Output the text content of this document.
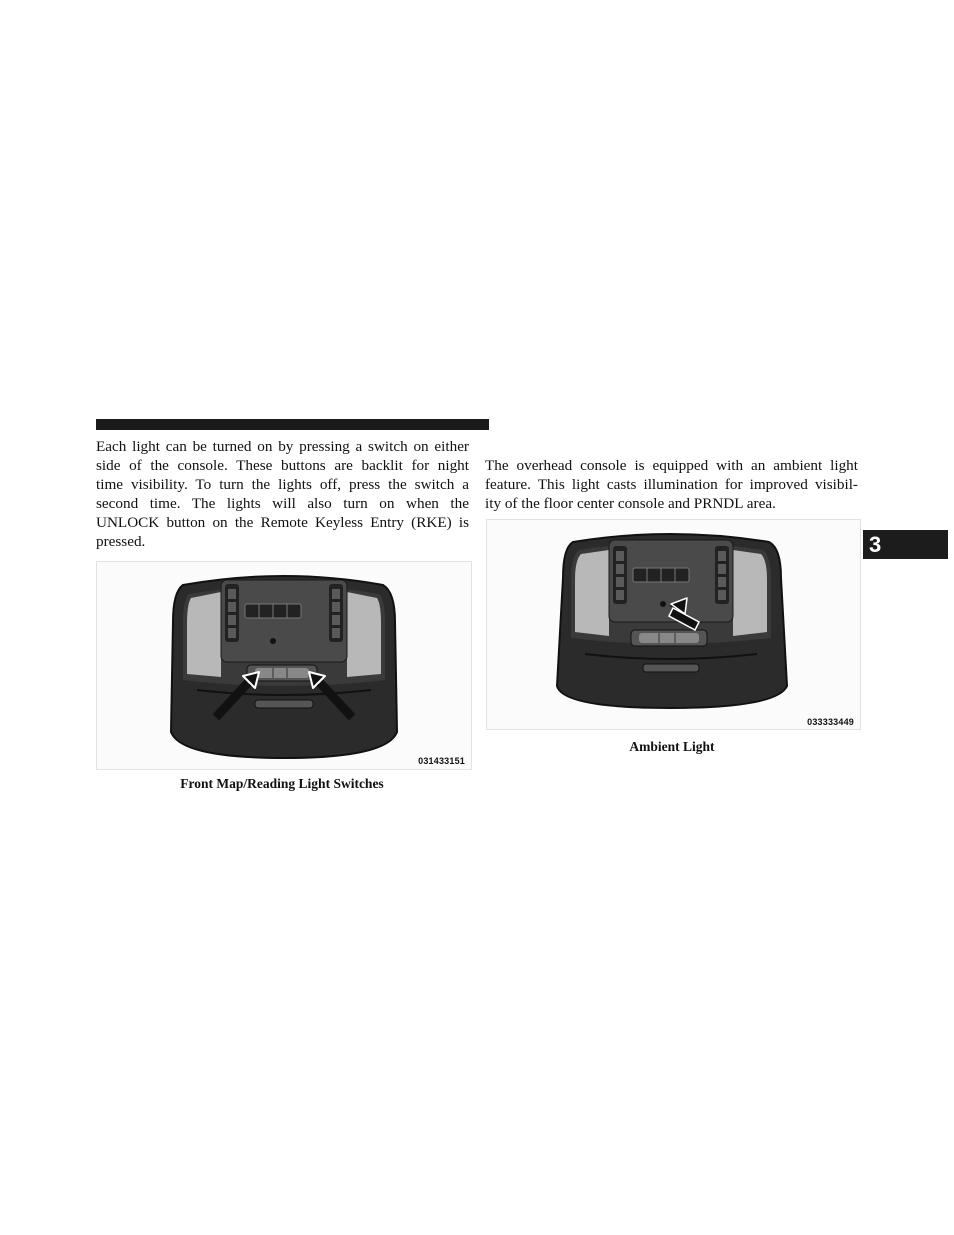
Each light can be turned on by pressing a switch on either
side of the console. These buttons are backlit for night
time visibility. To turn the lights off, press the switch a
second time. The lights will also turn on when the
UNLOCK button on the Remote Keyless Entry (RKE) is
pressed.

031433151
Front Map/Reading Light Switches

The overhead console is equipped with an ambient light
feature. This light casts illumination for improved visibil-
ity of the floor center console and PRNDL area.

033333449
Ambient Light
3
